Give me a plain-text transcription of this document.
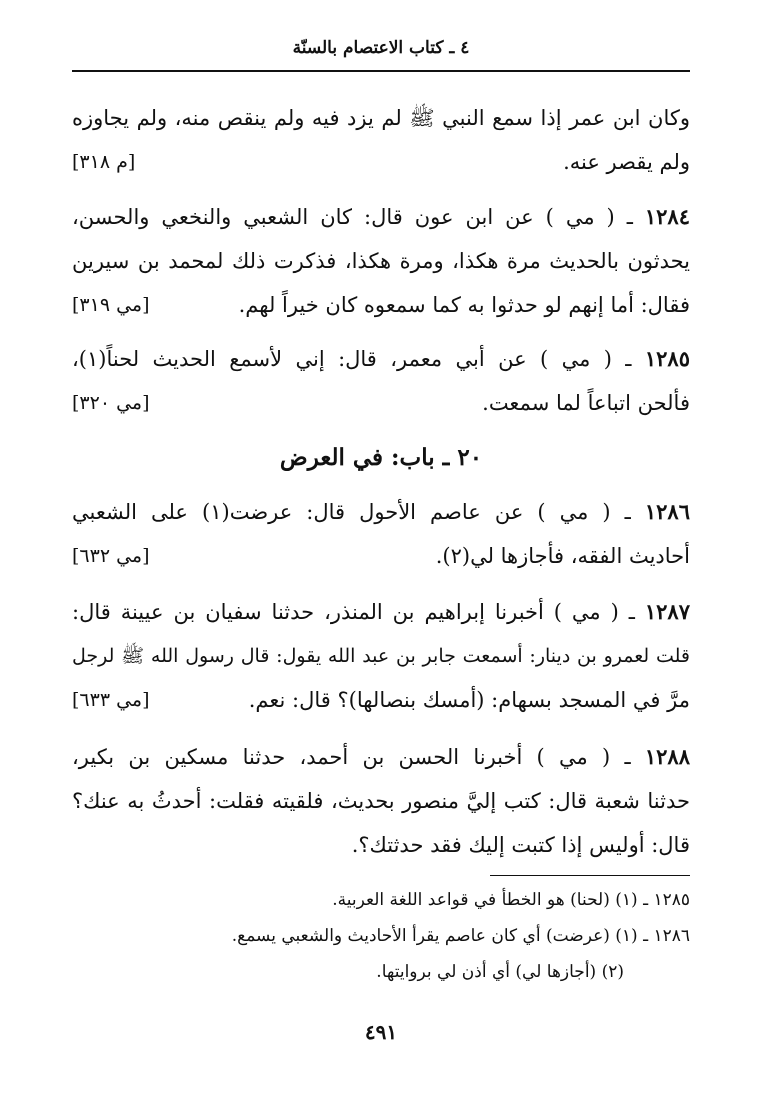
٤ ـ كتاب الاعتصام بالسنّة
وكان ابن عمر إذا سمع النبي ﷺ لم يزد فيه ولم ينقص منه، ولم يجاوزه
ولم يقصر عنه.
[م ٣١٨]
١٢٨٤ ـ ( مي ) عن ابن عون قال: كان الشعبي والنخعي والحسن،
يحدثون بالحديث مرة هكذا، ومرة هكذا، فذكرت ذلك لمحمد بن سيرين
فقال: أما إنهم لو حدثوا به كما سمعوه كان خيراً لهم.
[مي ٣١٩]
١٢٨٥ ـ ( مي ) عن أبي معمر، قال: إني لأسمع الحديث لحناً(١)،
فألحن اتباعاً لما سمعت.
[مي ٣٢٠]
٢٠ ـ باب: في العرض
١٢٨٦ ـ ( مي ) عن عاصم الأحول قال: عرضت(١) على الشعبي
أحاديث الفقه، فأجازها لي(٢).
[مي ٦٣٢]
١٢٨٧ ـ ( مي ) أخبرنا إبراهيم بن المنذر، حدثنا سفيان بن عيينة قال:
قلت لعمرو بن دينار: أسمعت جابر بن عبد الله يقول: قال رسول الله ﷺ لرجل
مرَّ في المسجد بسهام: (أمسك بنصالها)؟ قال: نعم.
[مي ٦٣٣]
١٢٨٨ ـ ( مي ) أخبرنا الحسن بن أحمد، حدثنا مسكين بن بكير،
حدثنا شعبة قال: كتب إليَّ منصور بحديث، فلقيته فقلت: أحدثُ به عنك؟
قال: أوليس إذا كتبت إليك فقد حدثتك؟.
١٢٨٥ ـ (١) (لحنا) هو الخطأ في قواعد اللغة العربية.
١٢٨٦ ـ (١) (عرضت) أي كان عاصم يقرأ الأحاديث والشعبي يسمع.
(٢) (أجازها لي) أي أذن لي بروايتها.
٤٩١
